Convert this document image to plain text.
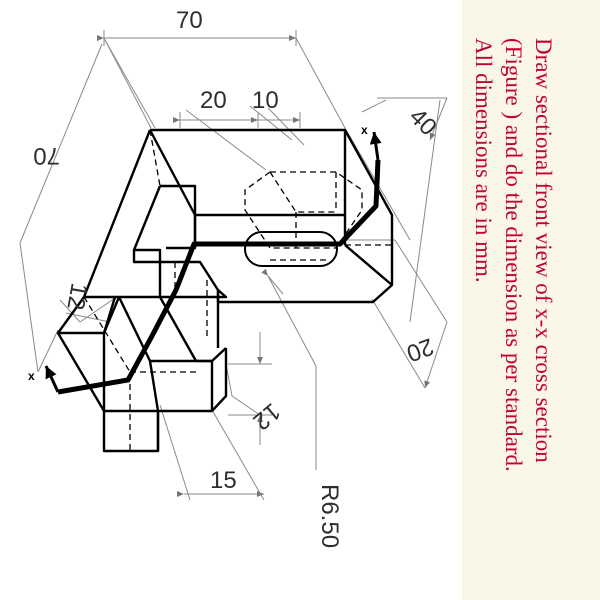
x
x
70
70
20 10
40
20
12
12
15
R6.50
Draw sectional front view of x-x cross section
(Figure ) and do the dimension as per standard.
All dimensions are in mm.
